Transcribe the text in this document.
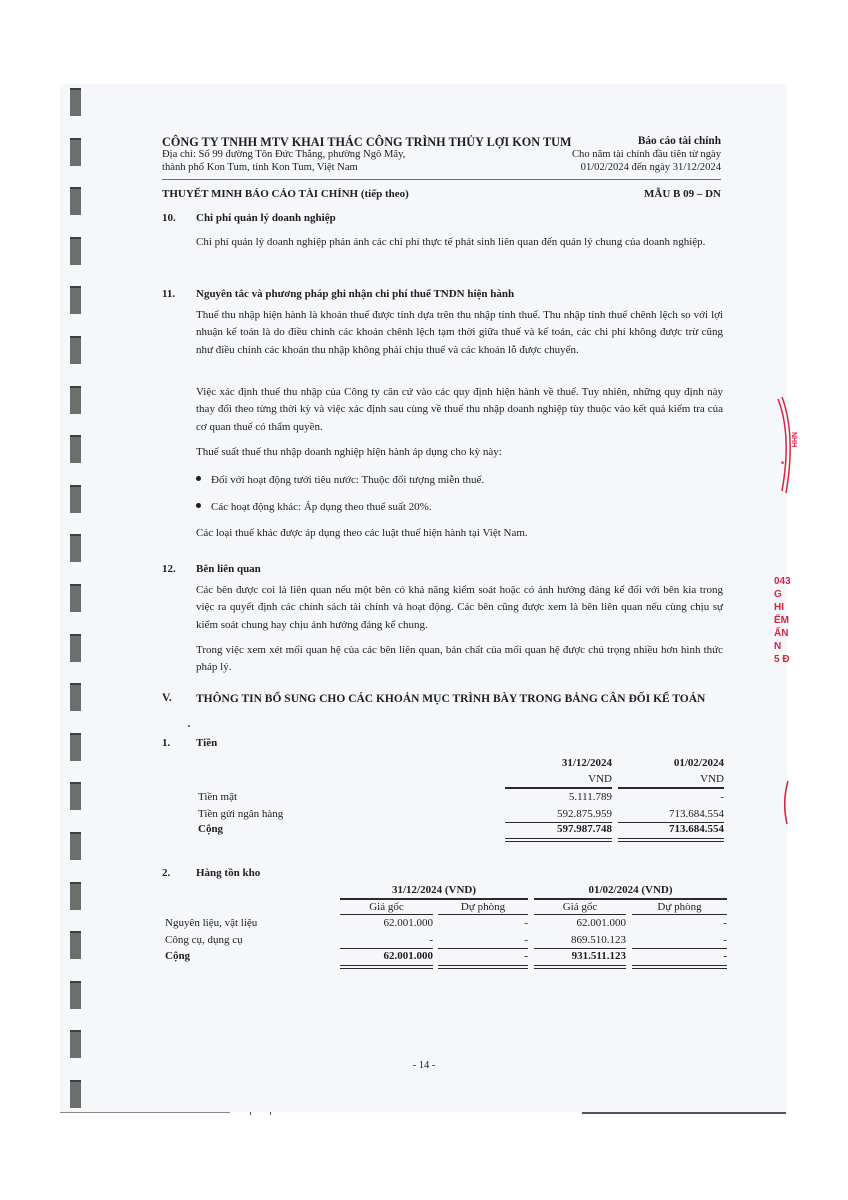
CÔNG TY TNHH MTV KHAI THÁC CÔNG TRÌNH THỦY LỢI KON TUM
Địa chỉ: Số 99 đường Tôn Đức Thắng, phường Ngô Mây,
thành phố Kon Tum, tỉnh Kon Tum, Việt Nam
Báo cáo tài chính
Cho năm tài chính đầu tiên từ ngày
01/02/2024 đến ngày 31/12/2024
THUYẾT MINH BÁO CÁO TÀI CHÍNH (tiếp theo)	MẪU B 09 – DN
10. Chi phí quản lý doanh nghiệp
Chi phí quản lý doanh nghiệp phản ánh các chi phí thực tế phát sinh liên quan đến quản lý chung của doanh nghiệp.
11. Nguyên tắc và phương pháp ghi nhận chi phí thuế TNDN hiện hành
Thuế thu nhập hiện hành là khoản thuế được tính dựa trên thu nhập tính thuế. Thu nhập tính thuế chênh lệch so với lợi nhuận kế toán là do điều chỉnh các khoản chênh lệch tạm thời giữa thuế và kế toán, các chi phí không được trừ cũng như điều chỉnh các khoản thu nhập không phải chịu thuế và các khoản lỗ được chuyển.
Việc xác định thuế thu nhập của Công ty căn cứ vào các quy định hiện hành về thuế. Tuy nhiên, những quy định này thay đổi theo từng thời kỳ và việc xác định sau cùng về thuế thu nhập doanh nghiệp tùy thuộc vào kết quả kiểm tra của cơ quan thuế có thẩm quyền.
Thuế suất thuế thu nhập doanh nghiệp hiện hành áp dụng cho kỳ này:
Đối với hoạt động tưới tiêu nước: Thuộc đối tượng miễn thuế.
Các hoạt động khác: Áp dụng theo thuế suất 20%.
Các loại thuế khác được áp dụng theo các luật thuế hiện hành tại Việt Nam.
12. Bên liên quan
Các bên được coi là liên quan nếu một bên có khả năng kiểm soát hoặc có ảnh hưởng đáng kể đối với bên kia trong việc ra quyết định các chính sách tài chính và hoạt động. Các bên cũng được xem là bên liên quan nếu cùng chịu sự kiểm soát chung hay chịu ảnh hưởng đáng kể chung.
Trong việc xem xét mối quan hệ của các bên liên quan, bản chất của mối quan hệ được chú trọng nhiều hơn hình thức pháp lý.
V. THÔNG TIN BỔ SUNG CHO CÁC KHOẢN MỤC TRÌNH BÀY TRONG BẢNG CÂN ĐỐI KẾ TOÁN
1. Tiền
31/12/2024	01/02/2024
VND	VND
Tiền mặt	5.111.789	-
Tiền gửi ngân hàng	592.875.959	713.684.554
Cộng	597.987.748	713.684.554
2. Hàng tồn kho
31/12/2024 (VND)	01/02/2024 (VND)
Giá gốc	Dự phòng	Giá gốc	Dự phòng
Nguyên liệu, vật liệu	62.001.000	-	62.001.000	-
Công cụ, dụng cụ	-	-	869.510.123	-
Cộng	62.001.000	-	931.511.123	-
- 14 -
NHH
*
043
G
HI
ẾM
ẤN
N
5 Đ
